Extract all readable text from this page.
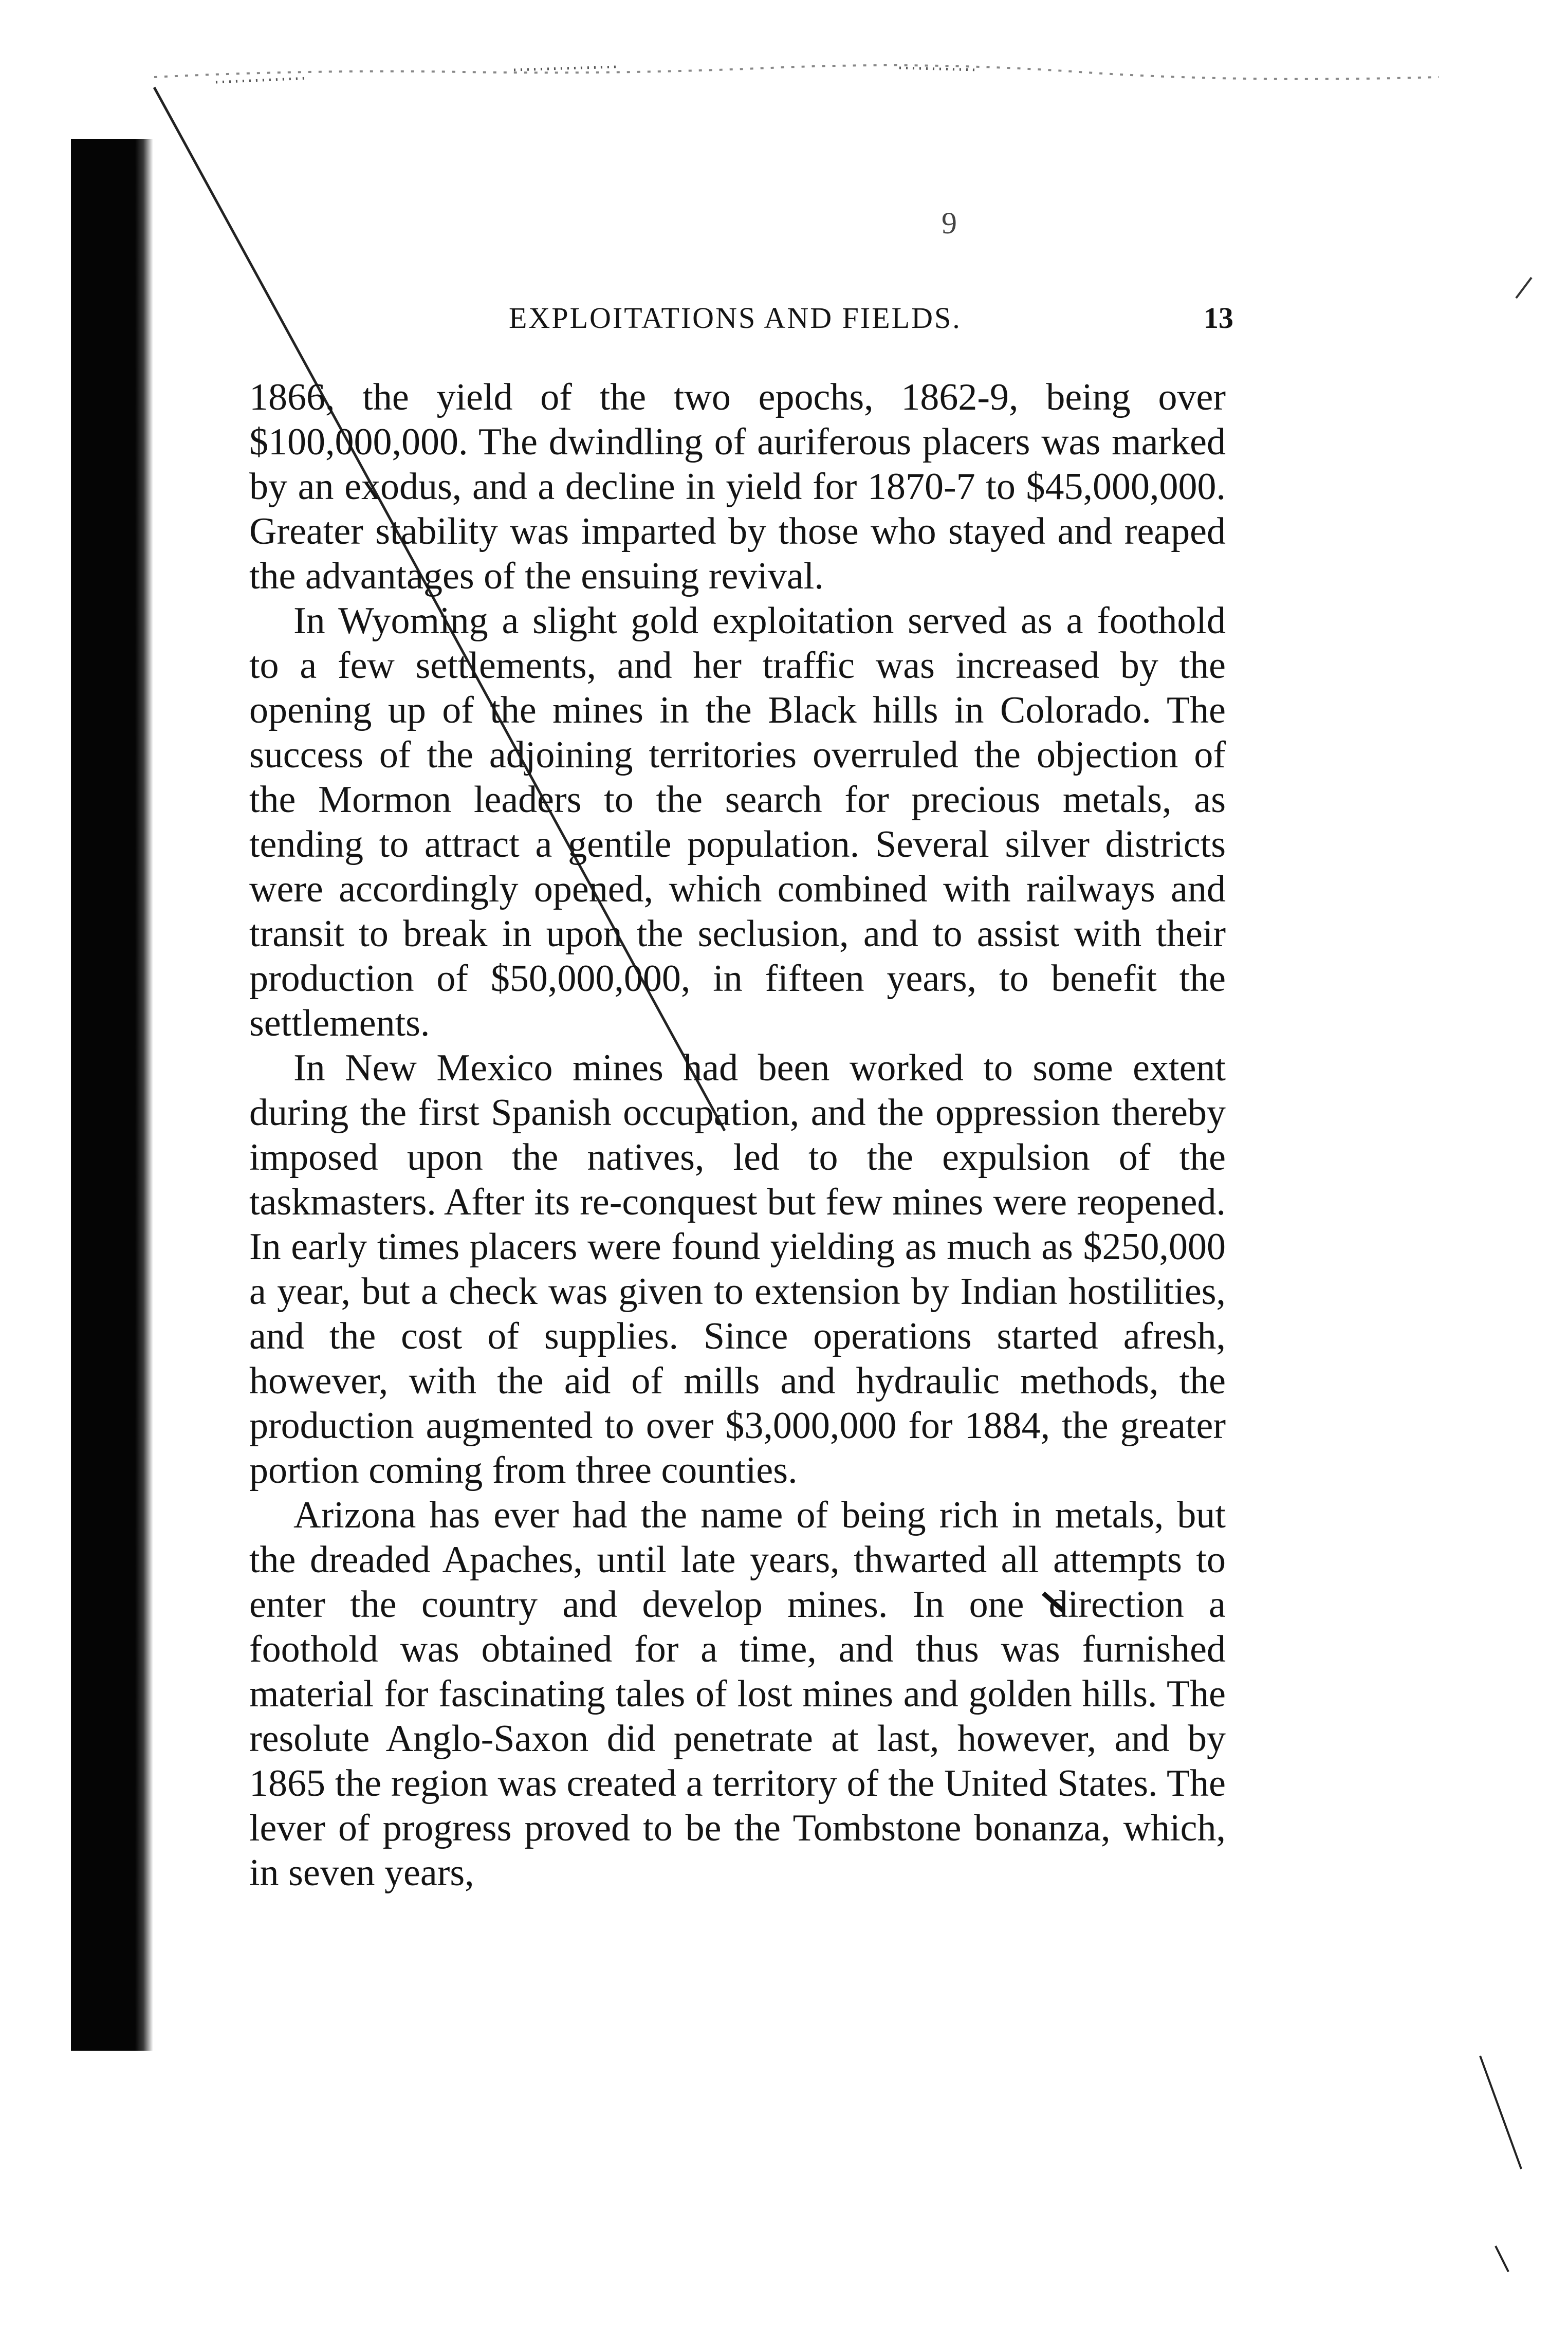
9
EXPLOITATIONS AND FIELDS.	13

1866, the yield of the two epochs, 1862-9, being over $100,000,000. The dwindling of auriferous placers was marked by an exodus, and a decline in yield for 1870-7 to $45,000,000. Greater stability was imparted by those who stayed and reaped the advantages of the ensuing revival.

In Wyoming a slight gold exploitation served as a foothold to a few settlements, and her traffic was increased by the opening up of the mines in the Black hills in Colorado. The success of the adjoining territories overruled the objection of the Mormon leaders to the search for precious metals, as tending to attract a gentile population. Several silver districts were accordingly opened, which combined with railways and transit to break in upon the seclusion, and to assist with their production of $50,000,000, in fifteen years, to benefit the settlements.

In New Mexico mines had been worked to some extent during the first Spanish occupation, and the oppression thereby imposed upon the natives, led to the expulsion of the taskmasters. After its re-conquest but few mines were reopened. In early times placers were found yielding as much as $250,000 a year, but a check was given to extension by Indian hostilities, and the cost of supplies. Since operations started afresh, however, with the aid of mills and hydraulic methods, the production augmented to over $3,000,000 for 1884, the greater portion coming from three counties.

Arizona has ever had the name of being rich in metals, but the dreaded Apaches, until late years, thwarted all attempts to enter the country and develop mines. In one direction a foothold was obtained for a time, and thus was furnished material for fascinating tales of lost mines and golden hills. The resolute Anglo-Saxon did penetrate at last, however, and by 1865 the region was created a territory of the United States. The lever of progress proved to be the Tombstone bonanza, which, in seven years,
